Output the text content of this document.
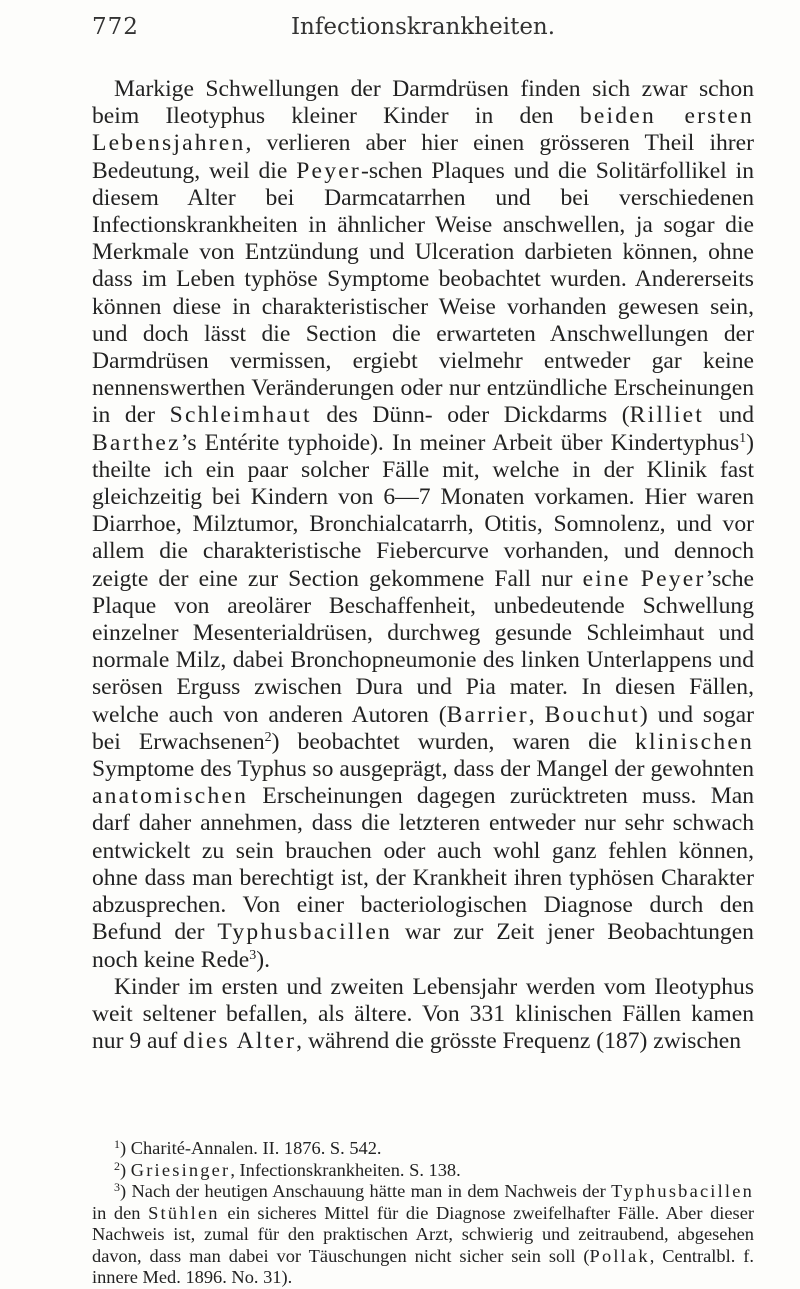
772	Infectionskrankheiten.

Markige Schwellungen der Darmdrüsen finden sich zwar schon beim Ileotyphus kleiner Kinder in den beiden ersten Lebensjahren, verlieren aber hier einen grösseren Theil ihrer Bedeutung, weil die Peyer-schen Plaques und die Solitärfollikel in diesem Alter bei Darmcatarrhen und bei verschiedenen Infectionskrankheiten in ähnlicher Weise anschwellen, ja sogar die Merkmale von Entzündung und Ulceration darbieten können, ohne dass im Leben typhöse Symptome beobachtet wurden. Andererseits können diese in charakteristischer Weise vorhanden gewesen sein, und doch lässt die Section die erwarteten Anschwellungen der Darmdrüsen vermissen, ergiebt vielmehr entweder gar keine nennenswerthen Veränderungen oder nur entzündliche Erscheinungen in der Schleimhaut des Dünn- oder Dickdarms (Rilliet und Barthez’s Entérite typhoide). In meiner Arbeit über Kindertyphus$^1$) theilte ich ein paar solcher Fälle mit, welche in der Klinik fast gleichzeitig bei Kindern von 6—7 Monaten vorkamen. Hier waren Diarrhoe, Milztumor, Bronchialcatarrh, Otitis, Somnolenz, und vor allem die charakteristische Fiebercurve vorhanden, und dennoch zeigte der eine zur Section gekommene Fall nur eine Peyer’sche Plaque von areolärer Beschaffenheit, unbedeutende Schwellung einzelner Mesenterialdrüsen, durchweg gesunde Schleimhaut und normale Milz, dabei Bronchopneumonie des linken Unterlappens und serösen Erguss zwischen Dura und Pia mater. In diesen Fällen, welche auch von anderen Autoren (Barrier, Bouchut) und sogar bei Erwachsenen$^2$) beobachtet wurden, waren die klinischen Symptome des Typhus so ausgeprägt, dass der Mangel der gewohnten anatomischen Erscheinungen dagegen zurücktreten muss. Man darf daher annehmen, dass die letzteren entweder nur sehr schwach entwickelt zu sein brauchen oder auch wohl ganz fehlen können, ohne dass man berechtigt ist, der Krankheit ihren typhösen Charakter abzusprechen. Von einer bacteriologischen Diagnose durch den Befund der Typhusbacillen war zur Zeit jener Beobachtungen noch keine Rede$^3$).

Kinder im ersten und zweiten Lebensjahr werden vom Ileotyphus weit seltener befallen, als ältere. Von 331 klinischen Fällen kamen nur 9 auf dies Alter, während die grösste Frequenz (187) zwischen

$^1$) Charité-Annalen. II. 1876. S. 542.

$^2$) Griesinger, Infectionskrankheiten. S. 138.

$^3$) Nach der heutigen Anschauung hätte man in dem Nachweis der Typhusbacillen in den Stühlen ein sicheres Mittel für die Diagnose zweifelhafter Fälle. Aber dieser Nachweis ist, zumal für den praktischen Arzt, schwierig und zeitraubend, abgesehen davon, dass man dabei vor Täuschungen nicht sicher sein soll (Pollak, Centralbl. f. innere Med. 1896. No. 31).
